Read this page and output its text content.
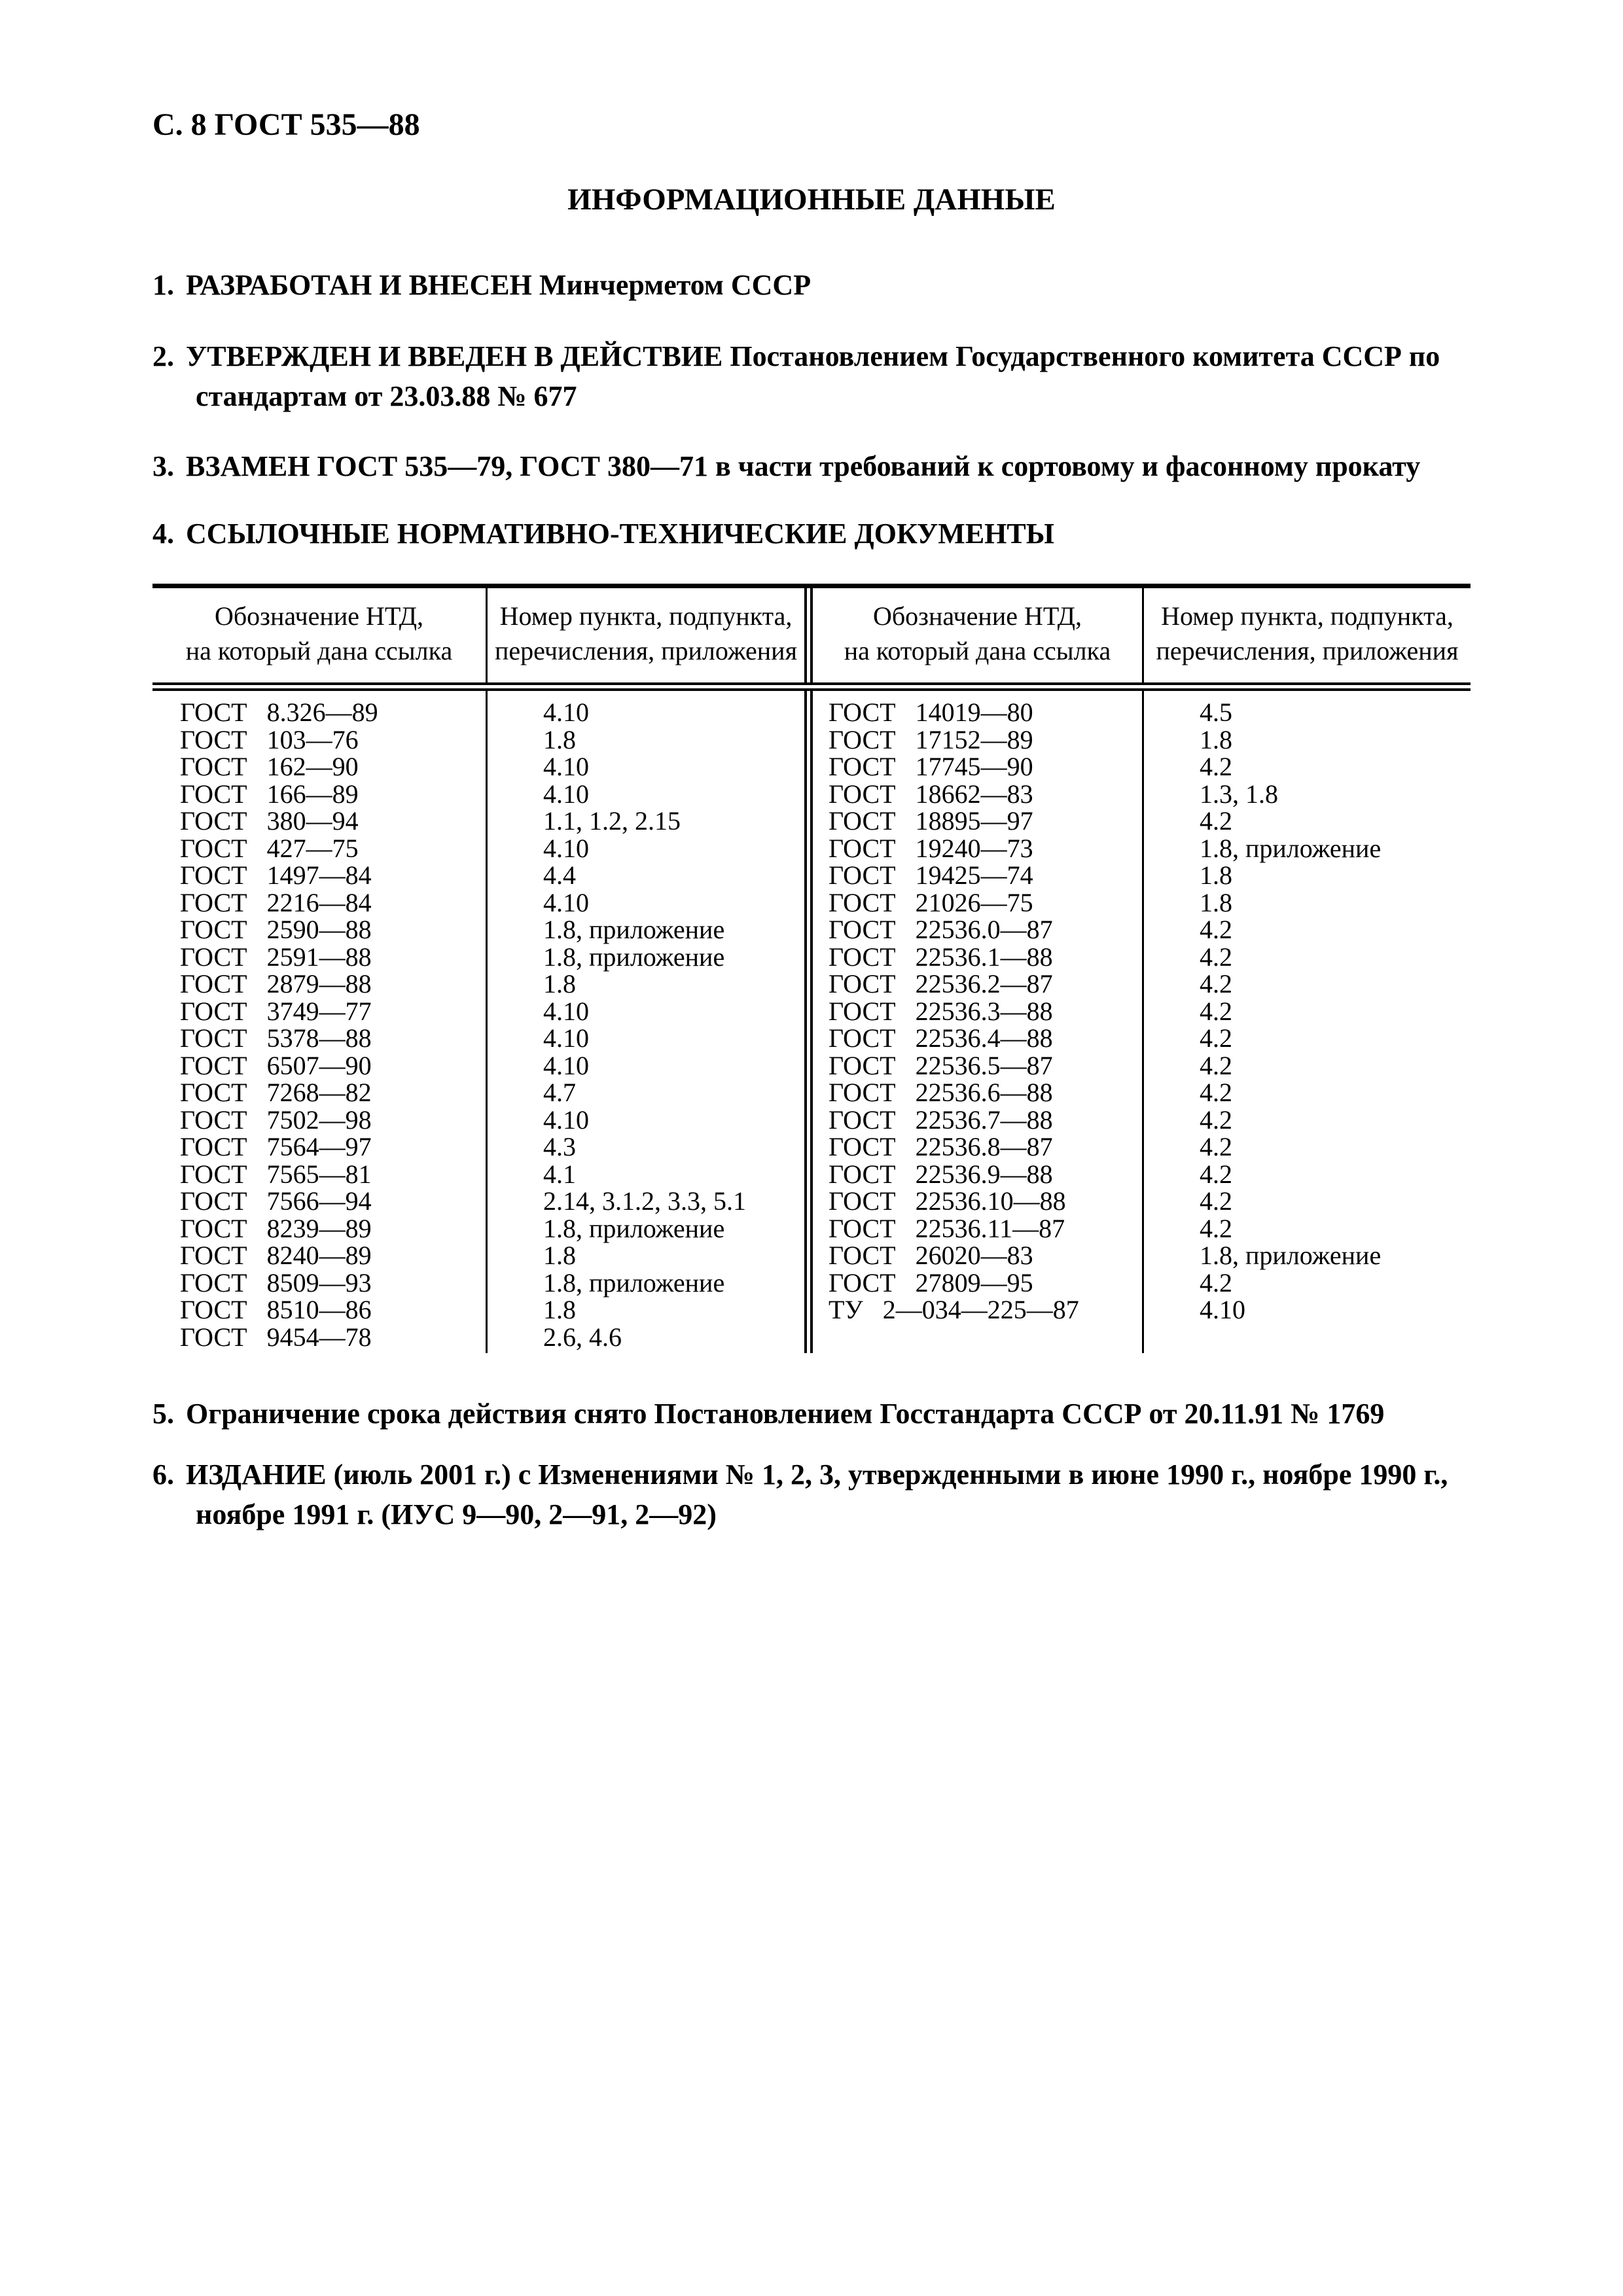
С. 8 ГОСТ 535—88
ИНФОРМАЦИОННЫЕ ДАННЫЕ
1. РАЗРАБОТАН И ВНЕСЕН Минчерметом СССР
2. УТВЕРЖДЕН И ВВЕДЕН В ДЕЙСТВИЕ Постановлением Государственного комитета СССР по стандартам от 23.03.88 № 677
3. ВЗАМЕН ГОСТ 535—79, ГОСТ 380—71 в части требований к сортовому и фасонному прокату
4. ССЫЛОЧНЫЕ НОРМАТИВНО-ТЕХНИЧЕСКИЕ ДОКУМЕНТЫ
Обозначение НТД,
на который дана ссылка
Номер пункта, подпункта,
перечисления, приложения
Обозначение НТД,
на который дана ссылка
Номер пункта, подпункта,
перечисления, приложения
ГОСТ 8.326—89
ГОСТ 103—76
ГОСТ 162—90
ГОСТ 166—89
ГОСТ 380—94
ГОСТ 427—75
ГОСТ 1497—84
ГОСТ 2216—84
ГОСТ 2590—88
ГОСТ 2591—88
ГОСТ 2879—88
ГОСТ 3749—77
ГОСТ 5378—88
ГОСТ 6507—90
ГОСТ 7268—82
ГОСТ 7502—98
ГОСТ 7564—97
ГОСТ 7565—81
ГОСТ 7566—94
ГОСТ 8239—89
ГОСТ 8240—89
ГОСТ 8509—93
ГОСТ 8510—86
ГОСТ 9454—78
4.10
1.8
4.10
4.10
1.1, 1.2, 2.15
4.10
4.4
4.10
1.8, приложение
1.8, приложение
1.8
4.10
4.10
4.10
4.7
4.10
4.3
4.1
2.14, 3.1.2, 3.3, 5.1
1.8, приложение
1.8
1.8, приложение
1.8
2.6, 4.6
ГОСТ 14019—80
ГОСТ 17152—89
ГОСТ 17745—90
ГОСТ 18662—83
ГОСТ 18895—97
ГОСТ 19240—73
ГОСТ 19425—74
ГОСТ 21026—75
ГОСТ 22536.0—87
ГОСТ 22536.1—88
ГОСТ 22536.2—87
ГОСТ 22536.3—88
ГОСТ 22536.4—88
ГОСТ 22536.5—87
ГОСТ 22536.6—88
ГОСТ 22536.7—88
ГОСТ 22536.8—87
ГОСТ 22536.9—88
ГОСТ 22536.10—88
ГОСТ 22536.11—87
ГОСТ 26020—83
ГОСТ 27809—95
ТУ 2—034—225—87
4.5
1.8
4.2
1.3, 1.8
4.2
1.8, приложение
1.8
1.8
4.2
4.2
4.2
4.2
4.2
4.2
4.2
4.2
4.2
4.2
4.2
4.2
1.8, приложение
4.2
4.10
5. Ограничение срока действия снято Постановлением Госстандарта СССР от 20.11.91 № 1769
6. ИЗДАНИЕ (июль 2001 г.) с Изменениями № 1, 2, 3, утвержденными в июне 1990 г., ноябре 1990 г., ноябре 1991 г. (ИУС 9—90, 2—91, 2—92)
